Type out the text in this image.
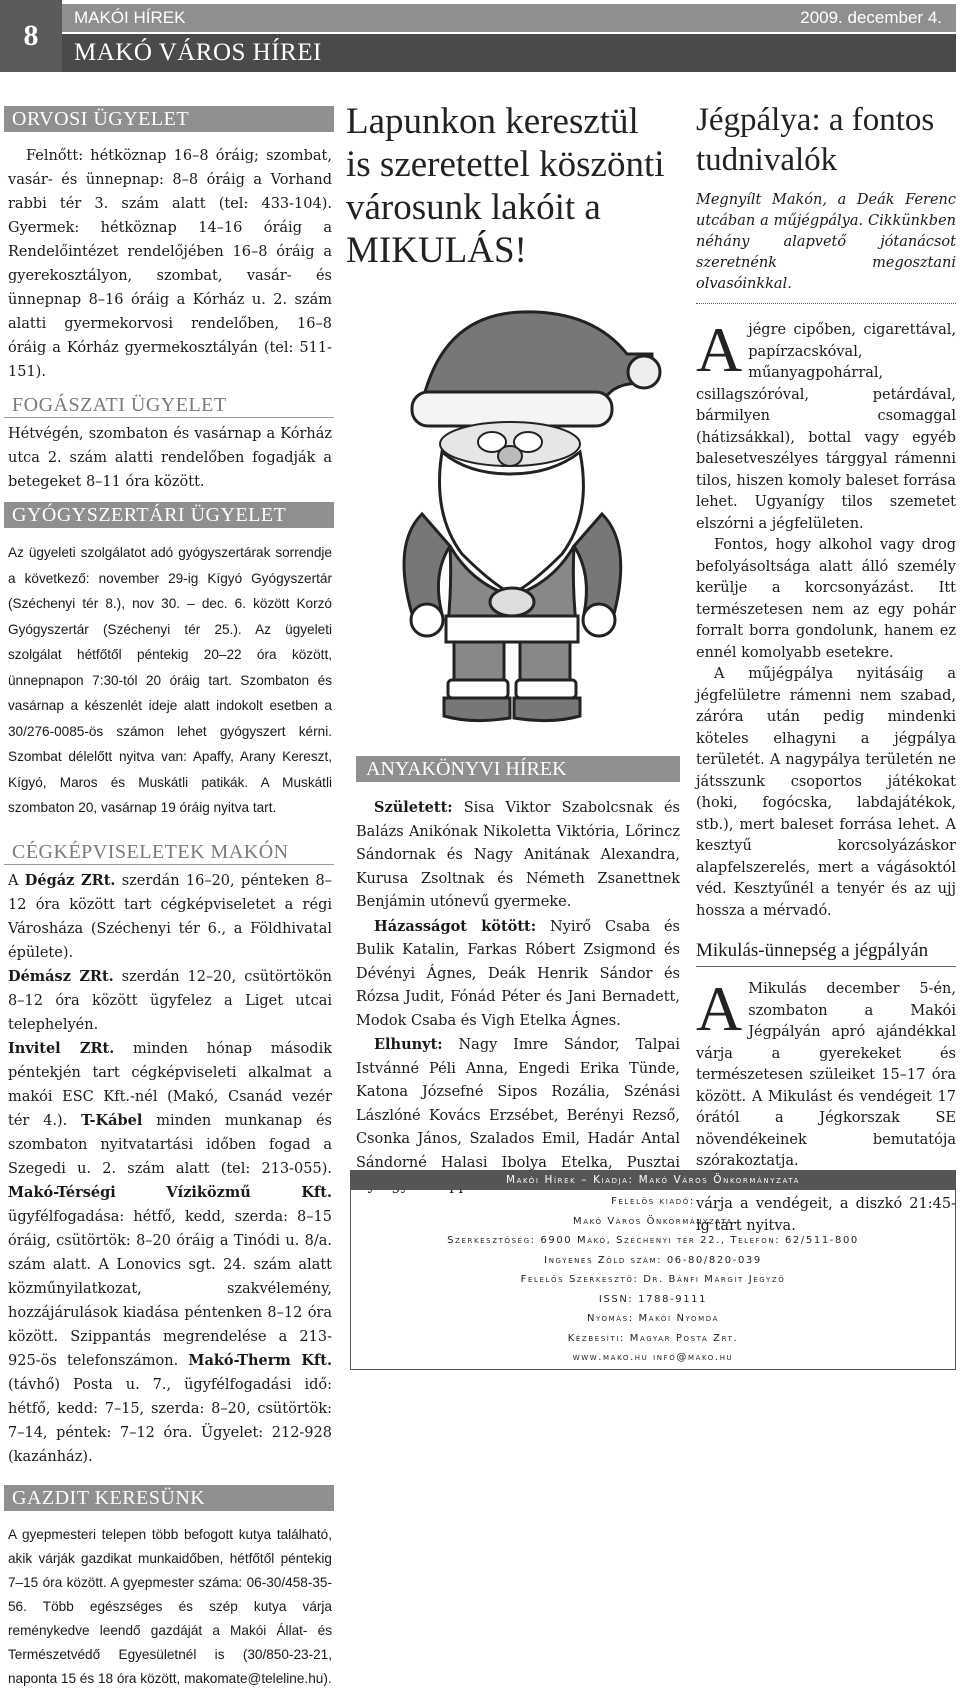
8
MAKÓI HÍREK	2009. december 4.
MAKÓ VÁROS HÍREI
ORVOSI ÜGYELET
Felnőtt: hétköznap 16–8 óráig; szombat, vasár- és ünnepnap: 8–8 óráig a Vorhand rabbi tér 3. szám alatt (tel: 433-104). Gyermek: hétköznap 14–16 óráig a Rendelőintézet rendelőjében 16–8 óráig a gyerekosztályon, szombat, vasár- és ünnepnap 8–16 óráig a Kórház u. 2. szám alatti gyermekorvosi rendelőben, 16–8 óráig a Kórház gyermekosztályán (tel: 511-151).
FOGÁSZATI ÜGYELET
Hétvégén, szombaton és vasárnap a Kórház utca 2. szám alatti rendelőben fogadják a betegeket 8–11 óra között.
GYÓGYSZERTÁRI ÜGYELET
Az ügyeleti szolgálatot adó gyógyszertárak sorrendje a következő: november 29-ig Kígyó Gyógyszertár (Széchenyi tér 8.), nov 30. – dec. 6. között Korzó Gyógyszertár (Széchenyi tér 25.). Az ügyeleti szolgálat hétfőtől péntekig 20–22 óra között, ünnepnapon 7:30-tól 20 óráig tart. Szombaton és vasárnap a készenlét ideje alatt indokolt esetben a 30/276-0085-ös számon lehet gyógyszert kérni. Szombat délelőtt nyitva van: Apaffy, Arany Kereszt, Kígyó, Maros és Muskátli patikák. A Muskátli szombaton 20, vasárnap 19 óráig nyitva tart.
CÉGKÉPVISELETEK MAKÓN
A Dégáz ZRt. szerdán 16–20, pénteken 8–12 óra között tart cégképviseletet a régi Városháza (Széchenyi tér 6., a Földhivatal épülete).
Démász ZRt. szerdán 12–20, csütörtökön 8–12 óra között ügyfelez a Liget utcai telephelyén.
Invitel ZRt. minden hónap második péntekjén tart cégképviseleti alkalmat a makói ESC Kft.-nél (Makó, Csanád vezér tér 4.). T-Kábel minden munkanap és szombaton nyitvatartási időben fogad a Szegedi u. 2. szám alatt (tel: 213-055). Makó-Térségi Víziközmű Kft. ügyfélfogadása: hétfő, kedd, szerda: 8–15 óráig, csütörtök: 8–20 óráig a Tinódi u. 8/a. szám alatt. A Lonovics sgt. 24. szám alatt közműnyilatkozat, szakvélemény, hozzájárulások kiadása péntenken 8–12 óra között. Szippantás megrendelése a 213-925-ös telefonszámon. Makó-Therm Kft. (távhő) Posta u. 7., ügyfélfogadási idő: hétfő, kedd: 7–15, szerda: 8–20, csütörtök: 7–14, péntek: 7–12 óra. Ügyelet: 212-928 (kazánház).
GAZDIT KERESÜNK
A gyepmesteri telepen több befogott kutya található, akik várják gazdikat munkaidőben, hétfőtől péntekig 7–15 óra között. A gyepmester száma: 06-30/458-35-56. Több egészséges és szép kutya várja reménykedve leendő gazdáját a Makói Állat- és Természetvédő Egyesületnél is (30/850-23-21, naponta 15 és 18 óra között, makomate@teleline.hu).
Lapunkon keresztül
is szeretettel köszönti
városunk lakóit a
MIKULÁS!
ANYAKÖNYVI HÍREK
Született: Sisa Viktor Szabolcsnak és Balázs Anikónak Nikoletta Viktória, Lőrincz Sándornak és Nagy Anitának Alexandra, Kurusa Zsoltnak és Németh Zsanettnek Benjámin utónevű gyermeke.
Házasságot kötött: Nyirő Csaba és Bulik Katalin, Farkas Róbert Zsigmond és Dévényi Ágnes, Deák Henrik Sándor és Rózsa Judit, Fónád Péter és Jani Bernadett, Modok Csaba és Vigh Etelka Ágnes.
Elhunyt: Nagy Imre Sándor, Talpai Istvánné Péli Anna, Engedi Erika Tünde, Katona Józsefné Sipos Rozália, Szénási Lászlóné Kovács Erzsébet, Berényi Rezső, Csonka János, Szalados Emil, Hadár Antal Sándorné Halasi Ibolya Etelka, Pusztai
Jégpálya: a fontos
tudnivalók
Megnyílt Makón, a Deák Ferenc utcában a műjégpálya. Cikkünkben néhány alapvető jótanácsot szeretnénk megosztani olvasóinkkal.
A jégre cipőben, cigarettával, papírzacskóval, műanyagpohárral, csillagszóróval, petárdával, bármilyen csomaggal (hátizsákkal), bottal vagy egyéb balesetveszélyes tárggyal rámenni tilos, hiszen komoly baleset forrása lehet. Ugyanígy tilos szemetet elszórni a jégfelületen.
Fontos, hogy alkohol vagy drog befolyásoltsága alatt álló személy kerülje a korcsonyázást. Itt természetesen nem az egy pohár forralt borra gondolunk, hanem ez ennél komolyabb esetekre.
A műjégpálya nyitásáig a jégfelületre rámenni nem szabad, záróra után pedig mindenki köteles elhagyni a jégpálya területét. A nagypálya területén ne játsszunk csoportos játékokat (hoki, fogócska, labdajátékok, stb.), mert baleset forrása lehet. A kesztyű korcsolyázáskor alapfelszerelés, mert a vágásoktól véd. Kesztyűnél a tenyér és az ujj hossza a mérvadó.
Mikulás-ünnepség a jégpályán
A Mikulás december 5-én, szombaton a Makói Jégpályán apró ajándékkal várja a gyerekeket és természetesen szüleiket 15–17 óra között. A Mikulást és vendégeit 17 órától a Jégkorszak SE növendékeinek bemutatója szórakoztatja.
várja a vendégeit, a diszkó 21:45-ig tart nyitva.
Makói Hírek – Kiadja: Makó Város Önkormányzata
Felelős kiadó:
Makó Város Önkormányzata
Szerkesztőség: 6900 Makó, Széchenyi tér 22., Telefon: 62/511-800
Ingyenes Zöld szám: 06-80/820-039
Felelős Szerkesztő: Dr. Bánfi Margit Jegyző
ISSN: 1788-9111
Nyomás: Makói Nyomda
Kézbesíti: Magyar Posta Zrt.
www.mako.hu info@mako.hu
